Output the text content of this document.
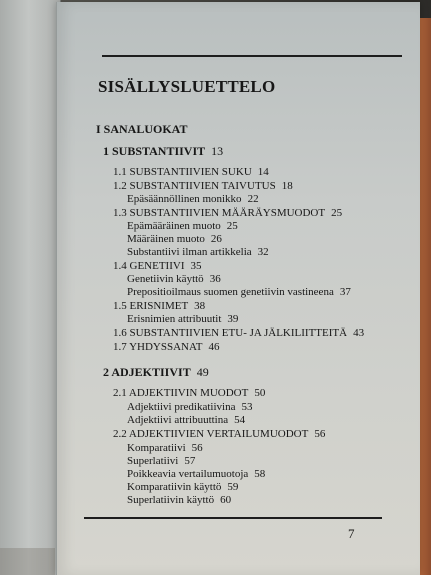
SISÄLLYSLUETTELO
I SANALUOKAT
1 SUBSTANTIIVIT 13
1.1 SUBSTANTIIVIEN SUKU 14
1.2 SUBSTANTIIVIEN TAIVUTUS 18
Epäsäännöllinen monikko 22
1.3 SUBSTANTIIVIEN MÄÄRÄYSMUODOT 25
Epämääräinen muoto 25
Määräinen muoto 26
Substantiivi ilman artikkelia 32
1.4 GENETIIVI 35
Genetiivin käyttö 36
Prepositioilmaus suomen genetiivin vastineena 37
1.5 ERISNIMET 38
Erisnimien attribuutit 39
1.6 SUBSTANTIIVIEN ETU- JA JÄLKILIITTEITÄ 43
1.7 YHDYSSANAT 46
2 ADJEKTIIVIT 49
2.1 ADJEKTIIVIN MUODOT 50
Adjektiivi predikatiivina 53
Adjektiivi attribuuttina 54
2.2 ADJEKTIIVIEN VERTAILUMUODOT 56
Komparatiivi 56
Superlatiivi 57
Poikkeavia vertailumuotoja 58
Komparatiivin käyttö 59
Superlatiivin käyttö 60
7
